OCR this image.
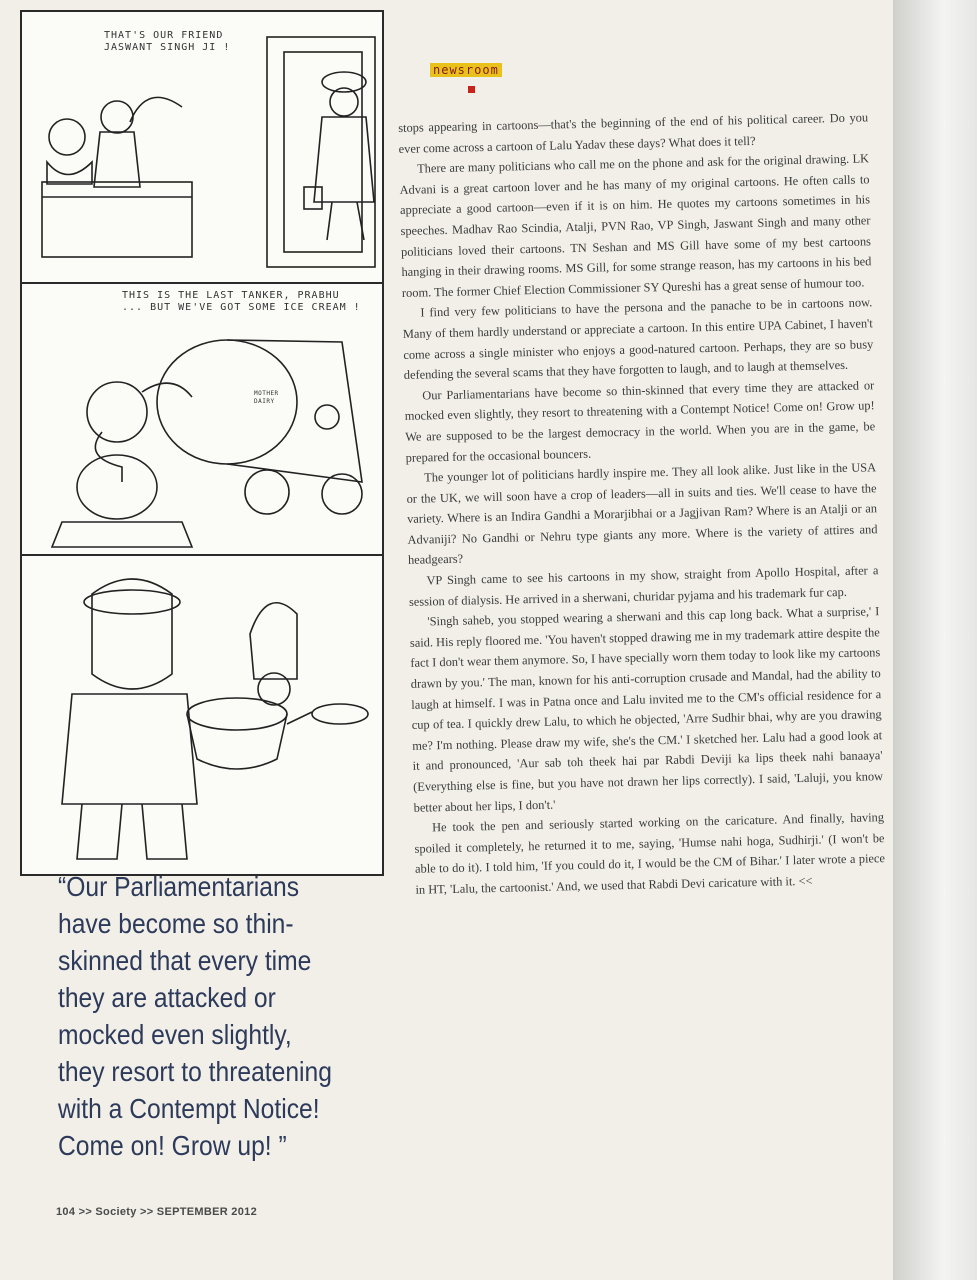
THAT'S OUR FRIEND
JASWANT SINGH JI !
THIS IS THE LAST TANKER, PRABHU
... BUT WE'VE GOT SOME ICE CREAM !
MOTHER
DAIRY
“Our Parliamentarians have become so thin-skinned that every time they are attacked or mocked even slightly, they resort to threatening with a Contempt Notice! Come on! Grow up! ”
newsroom

stops appearing in cartoons—that's the beginning of the end of his political career. Do you ever come across a cartoon of Lalu Yadav these days? What does it tell?

There are many politicians who call me on the phone and ask for the original drawing. LK Advani is a great cartoon lover and he has many of my original cartoons. He often calls to appreciate a good cartoon—even if it is on him. He quotes my cartoons sometimes in his speeches. Madhav Rao Scindia, Atalji, PVN Rao, VP Singh, Jaswant Singh and many other politicians loved their cartoons. TN Seshan and MS Gill have some of my best cartoons hanging in their drawing rooms. MS Gill, for some strange reason, has my cartoons in his bed room. The former Chief Election Commissioner SY Qureshi has a great sense of humour too.

I find very few politicians to have the persona and the panache to be in cartoons now. Many of them hardly understand or appreciate a cartoon. In this entire UPA Cabinet, I haven't come across a single minister who enjoys a good-natured cartoon. Perhaps, they are so busy defending the several scams that they have forgotten to laugh, and to laugh at themselves.

Our Parliamentarians have become so thin-skinned that every time they are attacked or mocked even slightly, they resort to threatening with a Contempt Notice! Come on! Grow up! We are supposed to be the largest democracy in the world. When you are in the game, be prepared for the occasional bouncers.

The younger lot of politicians hardly inspire me. They all look alike. Just like in the USA or the UK, we will soon have a crop of leaders—all in suits and ties. We'll cease to have the variety. Where is an Indira Gandhi a Morarjibhai or a Jagjivan Ram? Where is an Atalji or an Advaniji? No Gandhi or Nehru type giants any more. Where is the variety of attires and headgears?

VP Singh came to see his cartoons in my show, straight from Apollo Hospital, after a session of dialysis. He arrived in a sherwani, churidar pyjama and his trademark fur cap.

'Singh saheb, you stopped wearing a sherwani and this cap long back. What a surprise,' I said. His reply floored me. 'You haven't stopped drawing me in my trademark attire despite the fact I don't wear them anymore. So, I have specially worn them today to look like my cartoons drawn by you.' The man, known for his anti-corruption crusade and Mandal, had the ability to laugh at himself. I was in Patna once and Lalu invited me to the CM's official residence for a cup of tea. I quickly drew Lalu, to which he objected, 'Arre Sudhir bhai, why are you drawing me? I'm nothing. Please draw my wife, she's the CM.' I sketched her. Lalu had a good look at it and pronounced, 'Aur sab toh theek hai par Rabdi Deviji ka lips theek nahi banaaya' (Everything else is fine, but you have not drawn her lips correctly). I said, 'Laluji, you know better about her lips, I don't.'

He took the pen and seriously started working on the caricature. And finally, having spoiled it completely, he returned it to me, saying, 'Humse nahi hoga, Sudhirji.' (I won't be able to do it). I told him, 'If you could do it, I would be the CM of Bihar.' I later wrote a piece in HT, 'Lalu, the cartoonist.' And, we used that Rabdi Devi caricature with it. <<

104 >> Society >> SEPTEMBER 2012
